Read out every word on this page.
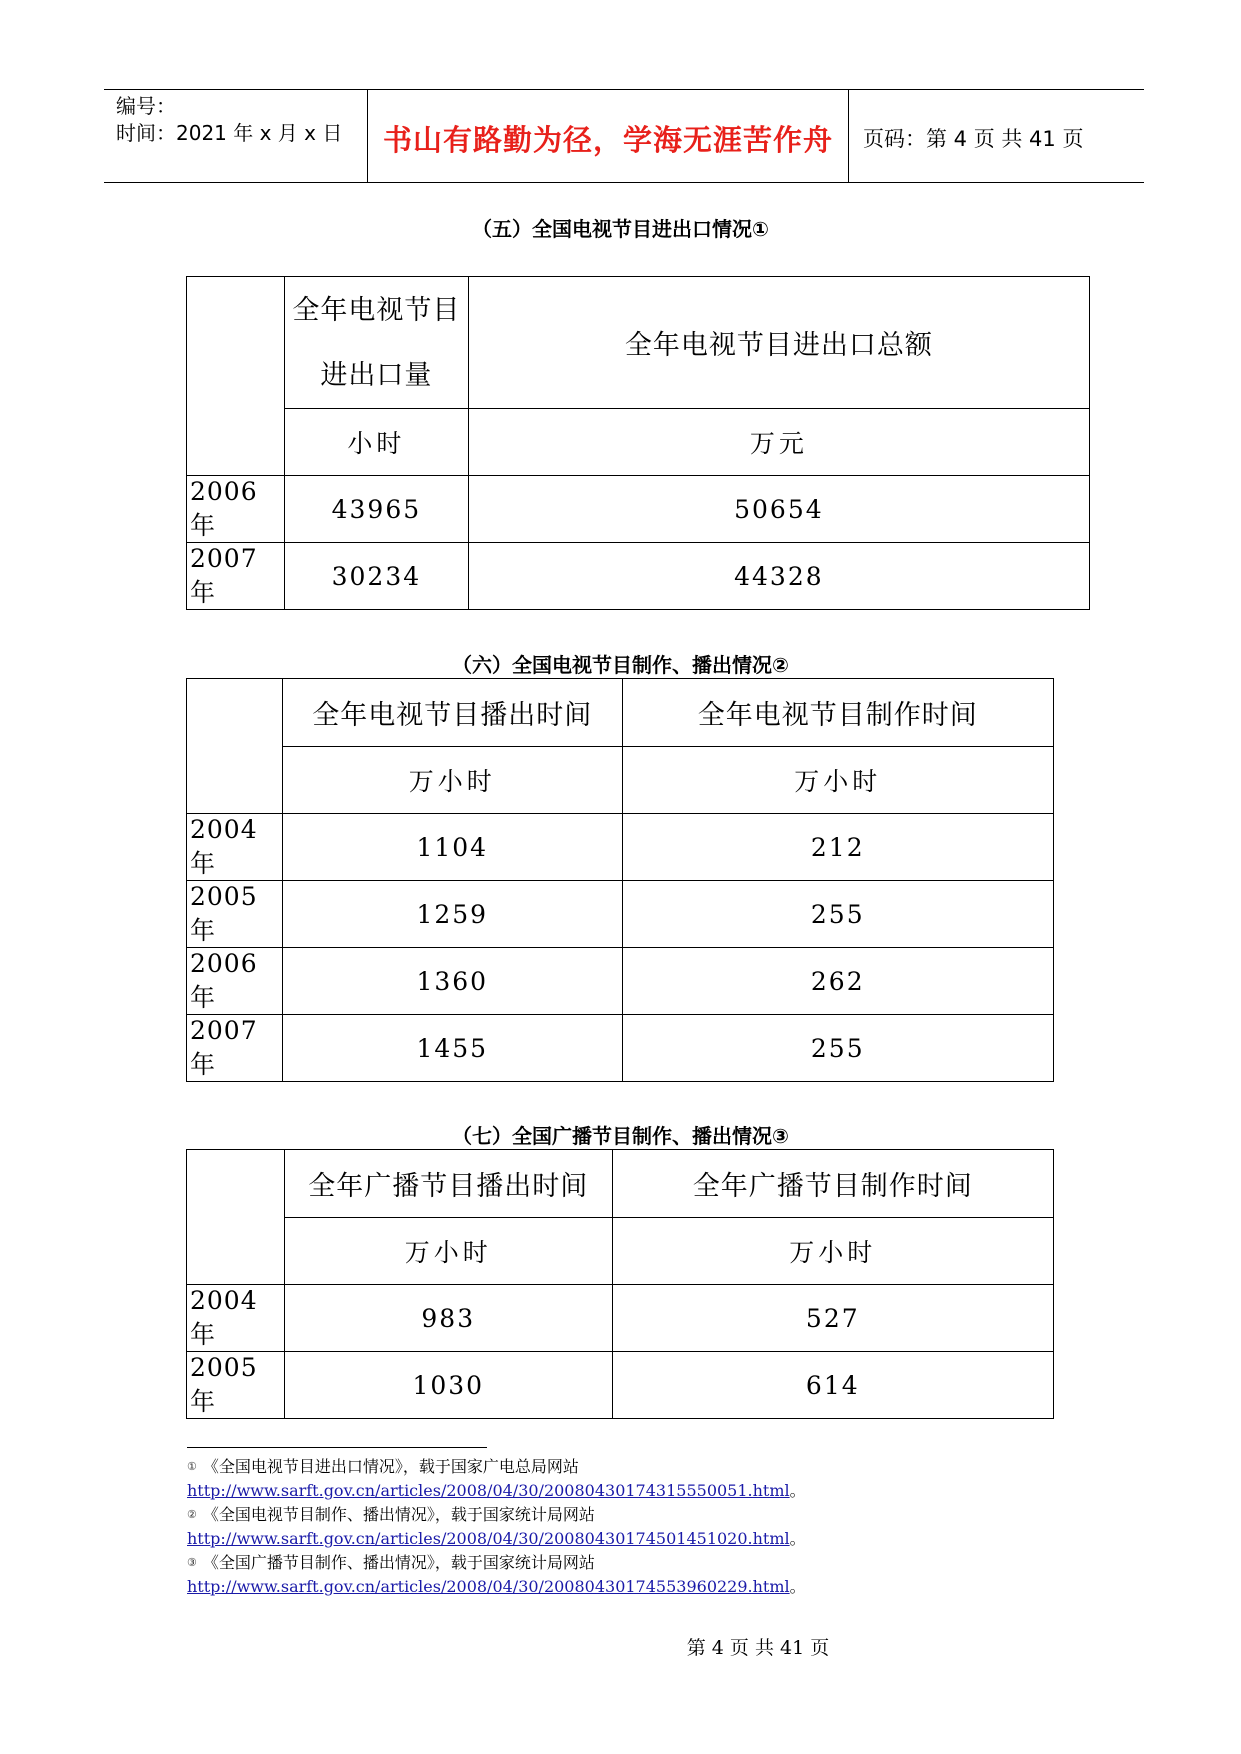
编号：
时间：2021 年 x 月 x 日	书山有路勤为径，学海无涯苦作舟	页码：第 4 页 共 41 页
（五）全国电视节目进出口情况①
	全年电视节目进出口量	全年电视节目进出口总额
	小时	万元
2006 年	43965	50654
2007 年	30234	44328
（六）全国电视节目制作、播出情况②
	全年电视节目播出时间	全年电视节目制作时间
	万小时	万小时
2004 年	1104	212
2005 年	1259	255
2006 年	1360	262
2007 年	1455	255
（七）全国广播节目制作、播出情况③
	全年广播节目播出时间	全年广播节目制作时间
	万小时	万小时
2004 年	983	527
2005 年	1030	614
① 《全国电视节目进出口情况》，载于国家广电总局网站
http://www.sarft.gov.cn/articles/2008/04/30/20080430174315550051.html。
② 《全国电视节目制作、播出情况》，载于国家统计局网站
http://www.sarft.gov.cn/articles/2008/04/30/20080430174501451020.html。
③ 《全国广播节目制作、播出情况》，载于国家统计局网站
http://www.sarft.gov.cn/articles/2008/04/30/20080430174553960229.html。
第 4 页 共 41 页
